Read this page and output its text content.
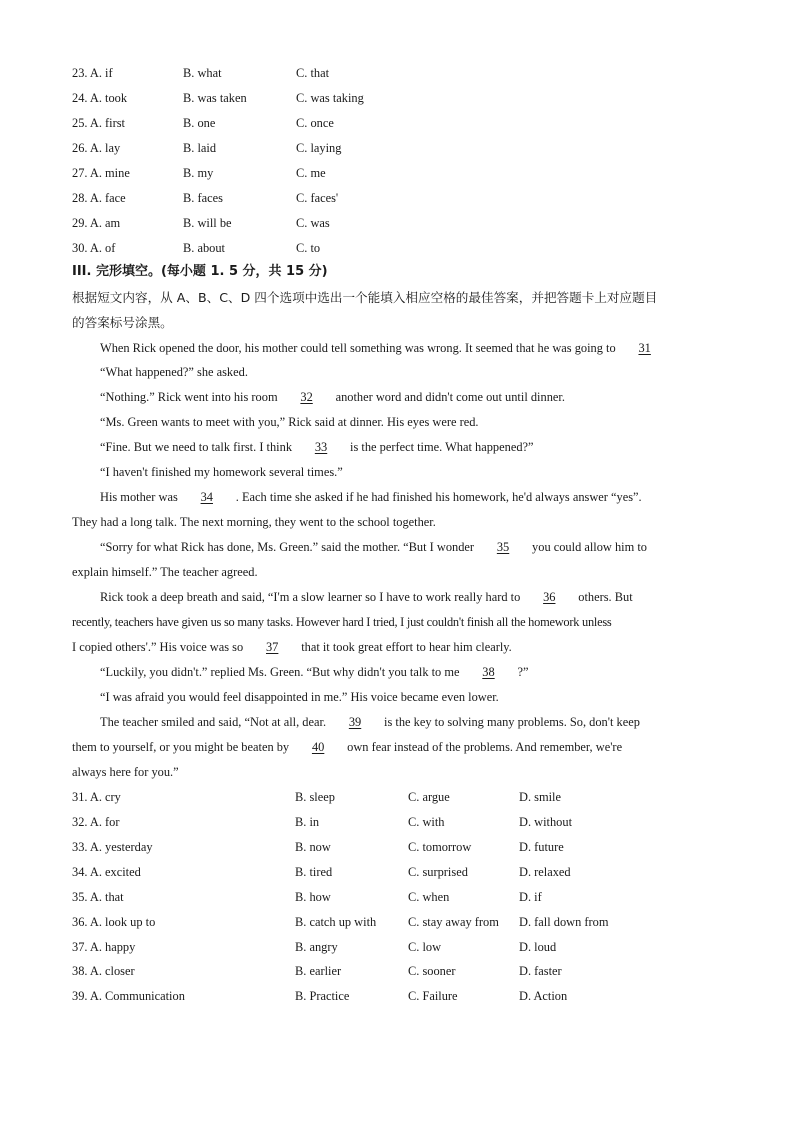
23. A. if	B. what	C. that
24. A. took	B. was taken	C. was taking
25. A. first	B. one	C. once
26. A. lay	B. laid	C. laying
27. A. mine	B. my	C. me
28. A. face	B. faces	C. faces'
29. A. am	B. will be	C. was
30. A. of	B. about	C. to
III. 完形填空。(每小题 1. 5 分，共 15 分)
根据短文内容，从 A、B、C、D 四个选项中选出一个能填入相应空格的最佳答案，并把答题卡上对应题目
的答案标号涂黑。
When Rick opened the door, his mother could tell something was wrong. It seemed that he was going to 31
“What happened?” she asked.
“Nothing.” Rick went into his room 32 another word and didn't come out until dinner.
“Ms. Green wants to meet with you,” Rick said at dinner. His eyes were red.
“Fine. But we need to talk first. I think 33 is the perfect time. What happened?”
“I haven't finished my homework several times.”
His mother was 34 . Each time she asked if he had finished his homework, he'd always answer “yes”.
They had a long talk. The next morning, they went to the school together.
“Sorry for what Rick has done, Ms. Green.” said the mother. “But I wonder 35 you could allow him to
explain himself.” The teacher agreed.
Rick took a deep breath and said, “I'm a slow learner so I have to work really hard to 36 others. But
recently, teachers have given us so many tasks. However hard I tried, I just couldn't finish all the homework unless
I copied others'.” His voice was so 37 that it took great effort to hear him clearly.
“Luckily, you didn't.” replied Ms. Green. “But why didn't you talk to me 38 ?”
“I was afraid you would feel disappointed in me.” His voice became even lower.
The teacher smiled and said, “Not at all, dear. 39 is the key to solving many problems. So, don't keep
them to yourself, or you might be beaten by 40 own fear instead of the problems. And remember, we're
always here for you.”
31. A. cry	B. sleep	C. argue	D. smile
32. A. for	B. in	C. with	D. without
33. A. yesterday	B. now	C. tomorrow	D. future
34. A. excited	B. tired	C. surprised	D. relaxed
35. A. that	B. how	C. when	D. if
36. A. look up to	B. catch up with	C. stay away from D. fall down from
37. A. happy	B. angry	C. low	D. loud
38. A. closer	B. earlier	C. sooner	D. faster
39. A. Communication	B. Practice	C. Failure	D. Action
